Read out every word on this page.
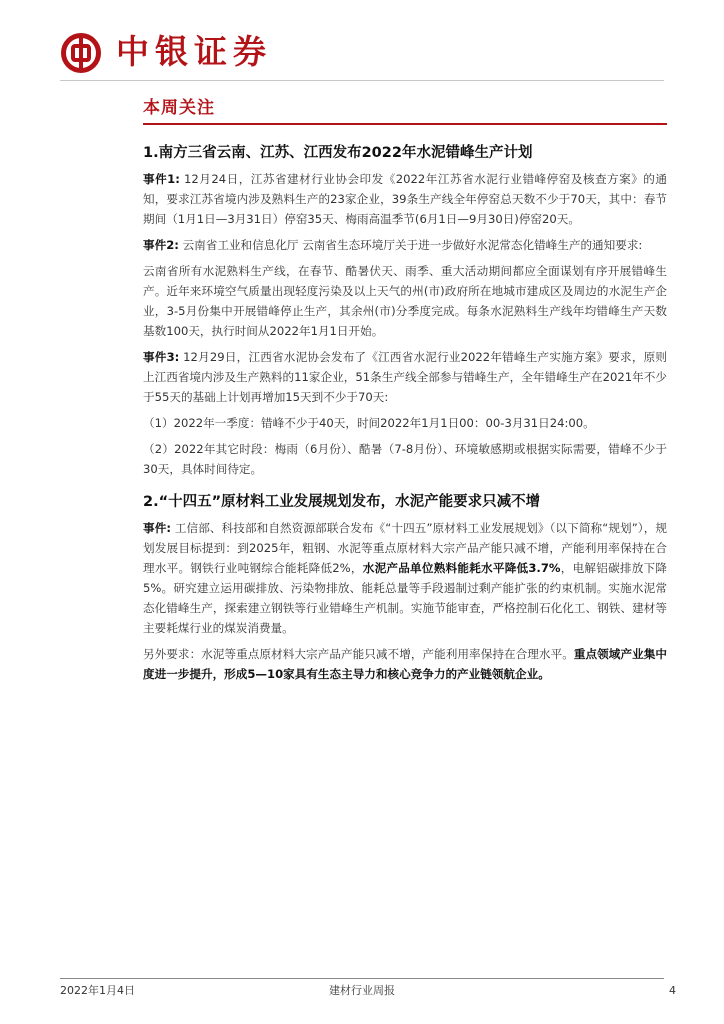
中银证券
本周关注
1.南方三省云南、江苏、江西发布2022年水泥错峰生产计划

事件1: 12月24日，江苏省建材行业协会印发《2022年江苏省水泥行业错峰停窑及核查方案》的通知，要求江苏省境内涉及熟料生产的23家企业，39条生产线全年停窑总天数不少于70天，其中：春节期间（1月1日—3月31日）停窑35天、梅雨高温季节(6月1日—9月30日)停窑20天。

事件2: 云南省工业和信息化厅 云南省生态环境厅关于进一步做好水泥常态化错峰生产的通知要求:

云南省所有水泥熟料生产线，在春节、酷暑伏天、雨季、重大活动期间都应全面谋划有序开展错峰生产。近年来环境空气质量出现轻度污染及以上天气的州(市)政府所在地城市建成区及周边的水泥生产企业，3-5月份集中开展错峰停止生产，其余州(市)分季度完成。每条水泥熟料生产线年均错峰生产天数基数100天，执行时间从2022年1月1日开始。

事件3: 12月29日，江西省水泥协会发布了《江西省水泥行业2022年错峰生产实施方案》要求，原则上江西省境内涉及生产熟料的11家企业，51条生产线全部参与错峰生产，全年错峰生产在2021年不少于55天的基础上计划再增加15天到不少于70天:

（1）2022年一季度：错峰不少于40天，时间2022年1月1日00：00-3月31日24:00。

（2）2022年其它时段：梅雨（6月份）、酷暑（7-8月份）、环境敏感期或根据实际需要，错峰不少于30天，具体时间待定。

2.“十四五”原材料工业发展规划发布，水泥产能要求只减不增

事件: 工信部、科技部和自然资源部联合发布《“十四五”原材料工业发展规划》（以下简称“规划”），规划发展目标提到：到2025年，粗钢、水泥等重点原材料大宗产品产能只减不增，产能利用率保持在合理水平。钢铁行业吨钢综合能耗降低2%，水泥产品单位熟料能耗水平降低3.7%，电解铝碳排放下降5%。研究建立运用碳排放、污染物排放、能耗总量等手段遏制过剩产能扩张的约束机制。实施水泥常态化错峰生产，探索建立钢铁等行业错峰生产机制。实施节能审查，严格控制石化化工、钢铁、建材等主要耗煤行业的煤炭消费量。

另外要求：水泥等重点原材料大宗产品产能只减不增，产能利用率保持在合理水平。重点领域产业集中度进一步提升，形成5—10家具有生态主导力和核心竞争力的产业链领航企业。

建材行业周报
2022年1月4日	4
